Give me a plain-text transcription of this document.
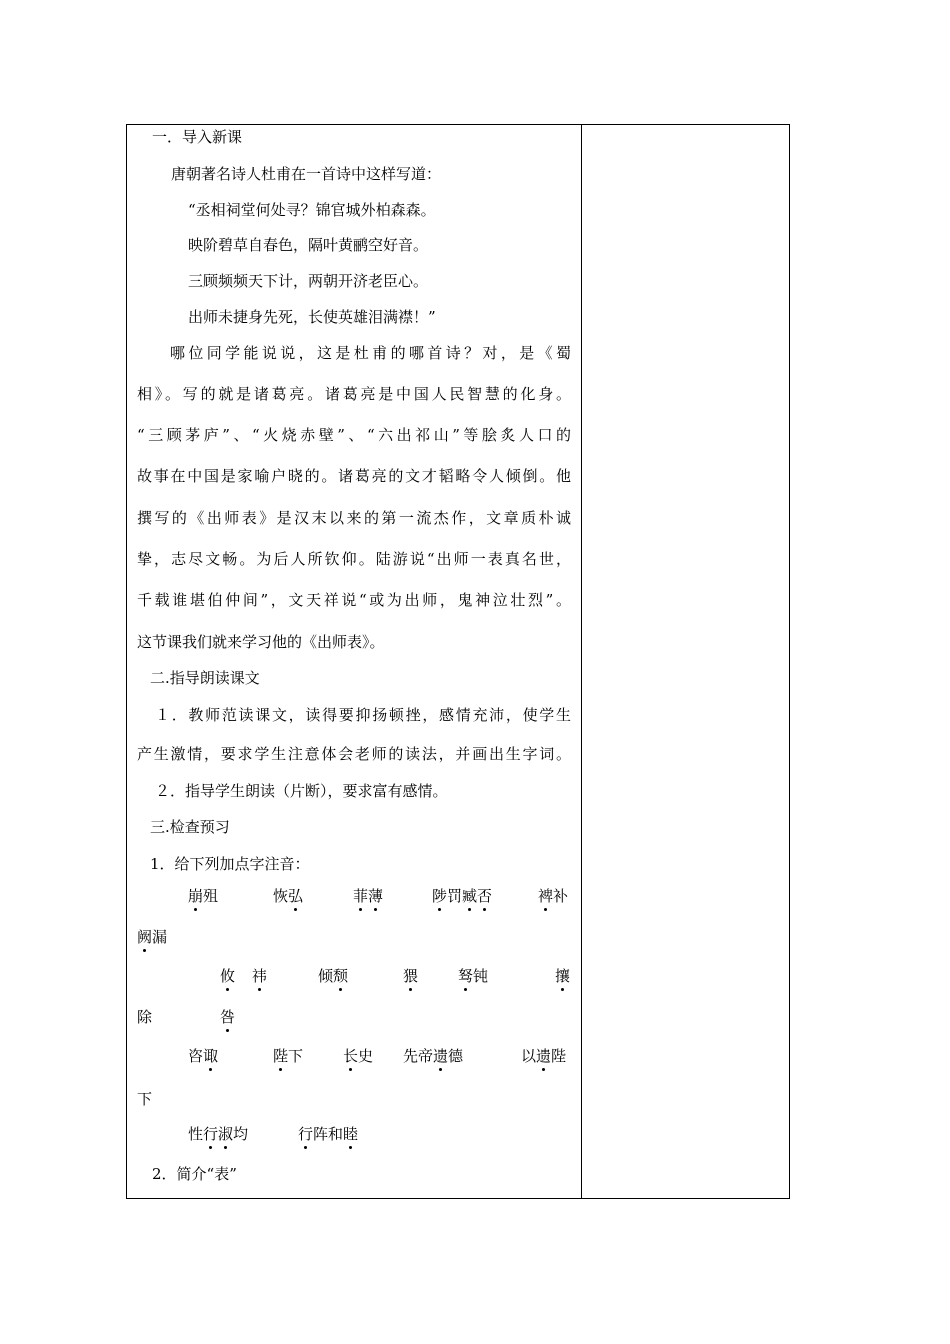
一．导入新课
唐朝著名诗人杜甫在一首诗中这样写道：
“丞相祠堂何处寻？锦官城外柏森森。
映阶碧草自春色，隔叶黄鹂空好音。
三顾频频天下计，两朝开济老臣心。
出师未捷身先死，长使英雄泪满襟！”
哪位同学能说说，这是杜甫的哪首诗？对，是《蜀
相》。写的就是诸葛亮。诸葛亮是中国人民智慧的化身。
“三顾茅庐”、“火烧赤壁”、“六出祁山”等脍炙人口的
故事在中国是家喻户晓的。诸葛亮的文才韬略令人倾倒。他
撰写的《出师表》是汉末以来的第一流杰作，文章质朴诚
挚，志尽文畅。为后人所钦仰。陆游说“出师一表真名世，
千载谁堪伯仲间”，文天祥说“或为出师，鬼神泣壮烈”。
这节课我们就来学习他的《出师表》。
二.指导朗读课文
１．教师范读课文，读得要抑扬顿挫，感情充沛，使学生
产生激情，要求学生注意体会老师的读法，并画出生字词。
２．指导学生朗读（片断），要求富有感情。
三.检查预习
1．给下列加点字注音：
崩殂	恢弘	菲薄	陟罚臧否	裨补
阙漏
攸 祎	倾颓	猥	驽钝	攘
除	咎
咨诹	陛下	长史 先帝遗德	以遗陛
下
性行淑均	行阵和睦
2．简介“表”
